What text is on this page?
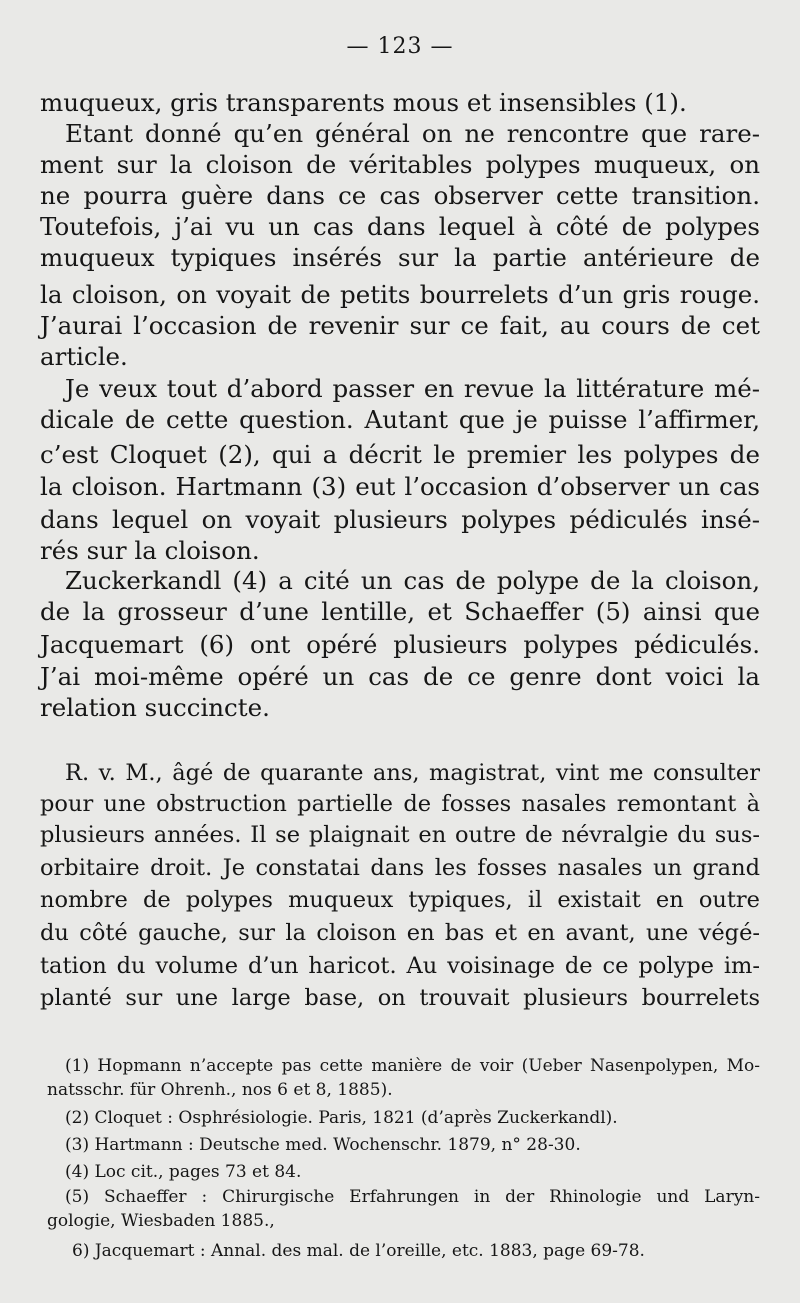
— 123 —
muqueux, gris transparents mous et insensibles (1).
Etant donné qu’en général on ne rencontre que rare-
ment sur la cloison de véritables polypes muqueux, on
ne pourra guère dans ce cas observer cette transition.
Toutefois, j’ai vu un cas dans lequel à côté de polypes
muqueux typiques insérés sur la partie antérieure de
la cloison, on voyait de petits bourrelets d’un gris rouge.
J’aurai l’occasion de revenir sur ce fait, au cours de cet
article.
Je veux tout d’abord passer en revue la littérature mé-
dicale de cette question. Autant que je puisse l’affirmer,
c’est Cloquet (2), qui a décrit le premier les polypes de
la cloison. Hartmann (3) eut l’occasion d’observer un cas
dans lequel on voyait plusieurs polypes pédiculés insé-
rés sur la cloison.
Zuckerkandl (4) a cité un cas de polype de la cloison,
de la grosseur d’une lentille, et Schaeffer (5) ainsi que
Jacquemart (6) ont opéré plusieurs polypes pédiculés.
J’ai moi-même opéré un cas de ce genre dont voici la
relation succincte.
R. v. M., âgé de quarante ans, magistrat, vint me consulter
pour une obstruction partielle de fosses nasales remontant à
plusieurs années. Il se plaignait en outre de névralgie du sus-
orbitaire droit. Je constatai dans les fosses nasales un grand
nombre de polypes muqueux typiques, il existait en outre
du côté gauche, sur la cloison en bas et en avant, une végé-
tation du volume d’un haricot. Au voisinage de ce polype im-
planté sur une large base, on trouvait plusieurs bourrelets
(1) Hopmann n’accepte pas cette manière de voir (Ueber Nasenpolypen, Mo-
natsschr. für Ohrenh., nos 6 et 8, 1885).
(2) Cloquet : Osphrésiologie. Paris, 1821 (d’après Zuckerkandl).
(3) Hartmann : Deutsche med. Wochenschr. 1879, n° 28-30.
(4) Loc cit., pages 73 et 84.
(5) Schaeffer : Chirurgische Erfahrungen in der Rhinologie und Laryn-
gologie, Wiesbaden 1885.,
6) Jacquemart : Annal. des mal. de l’oreille, etc. 1883, page 69-78.
